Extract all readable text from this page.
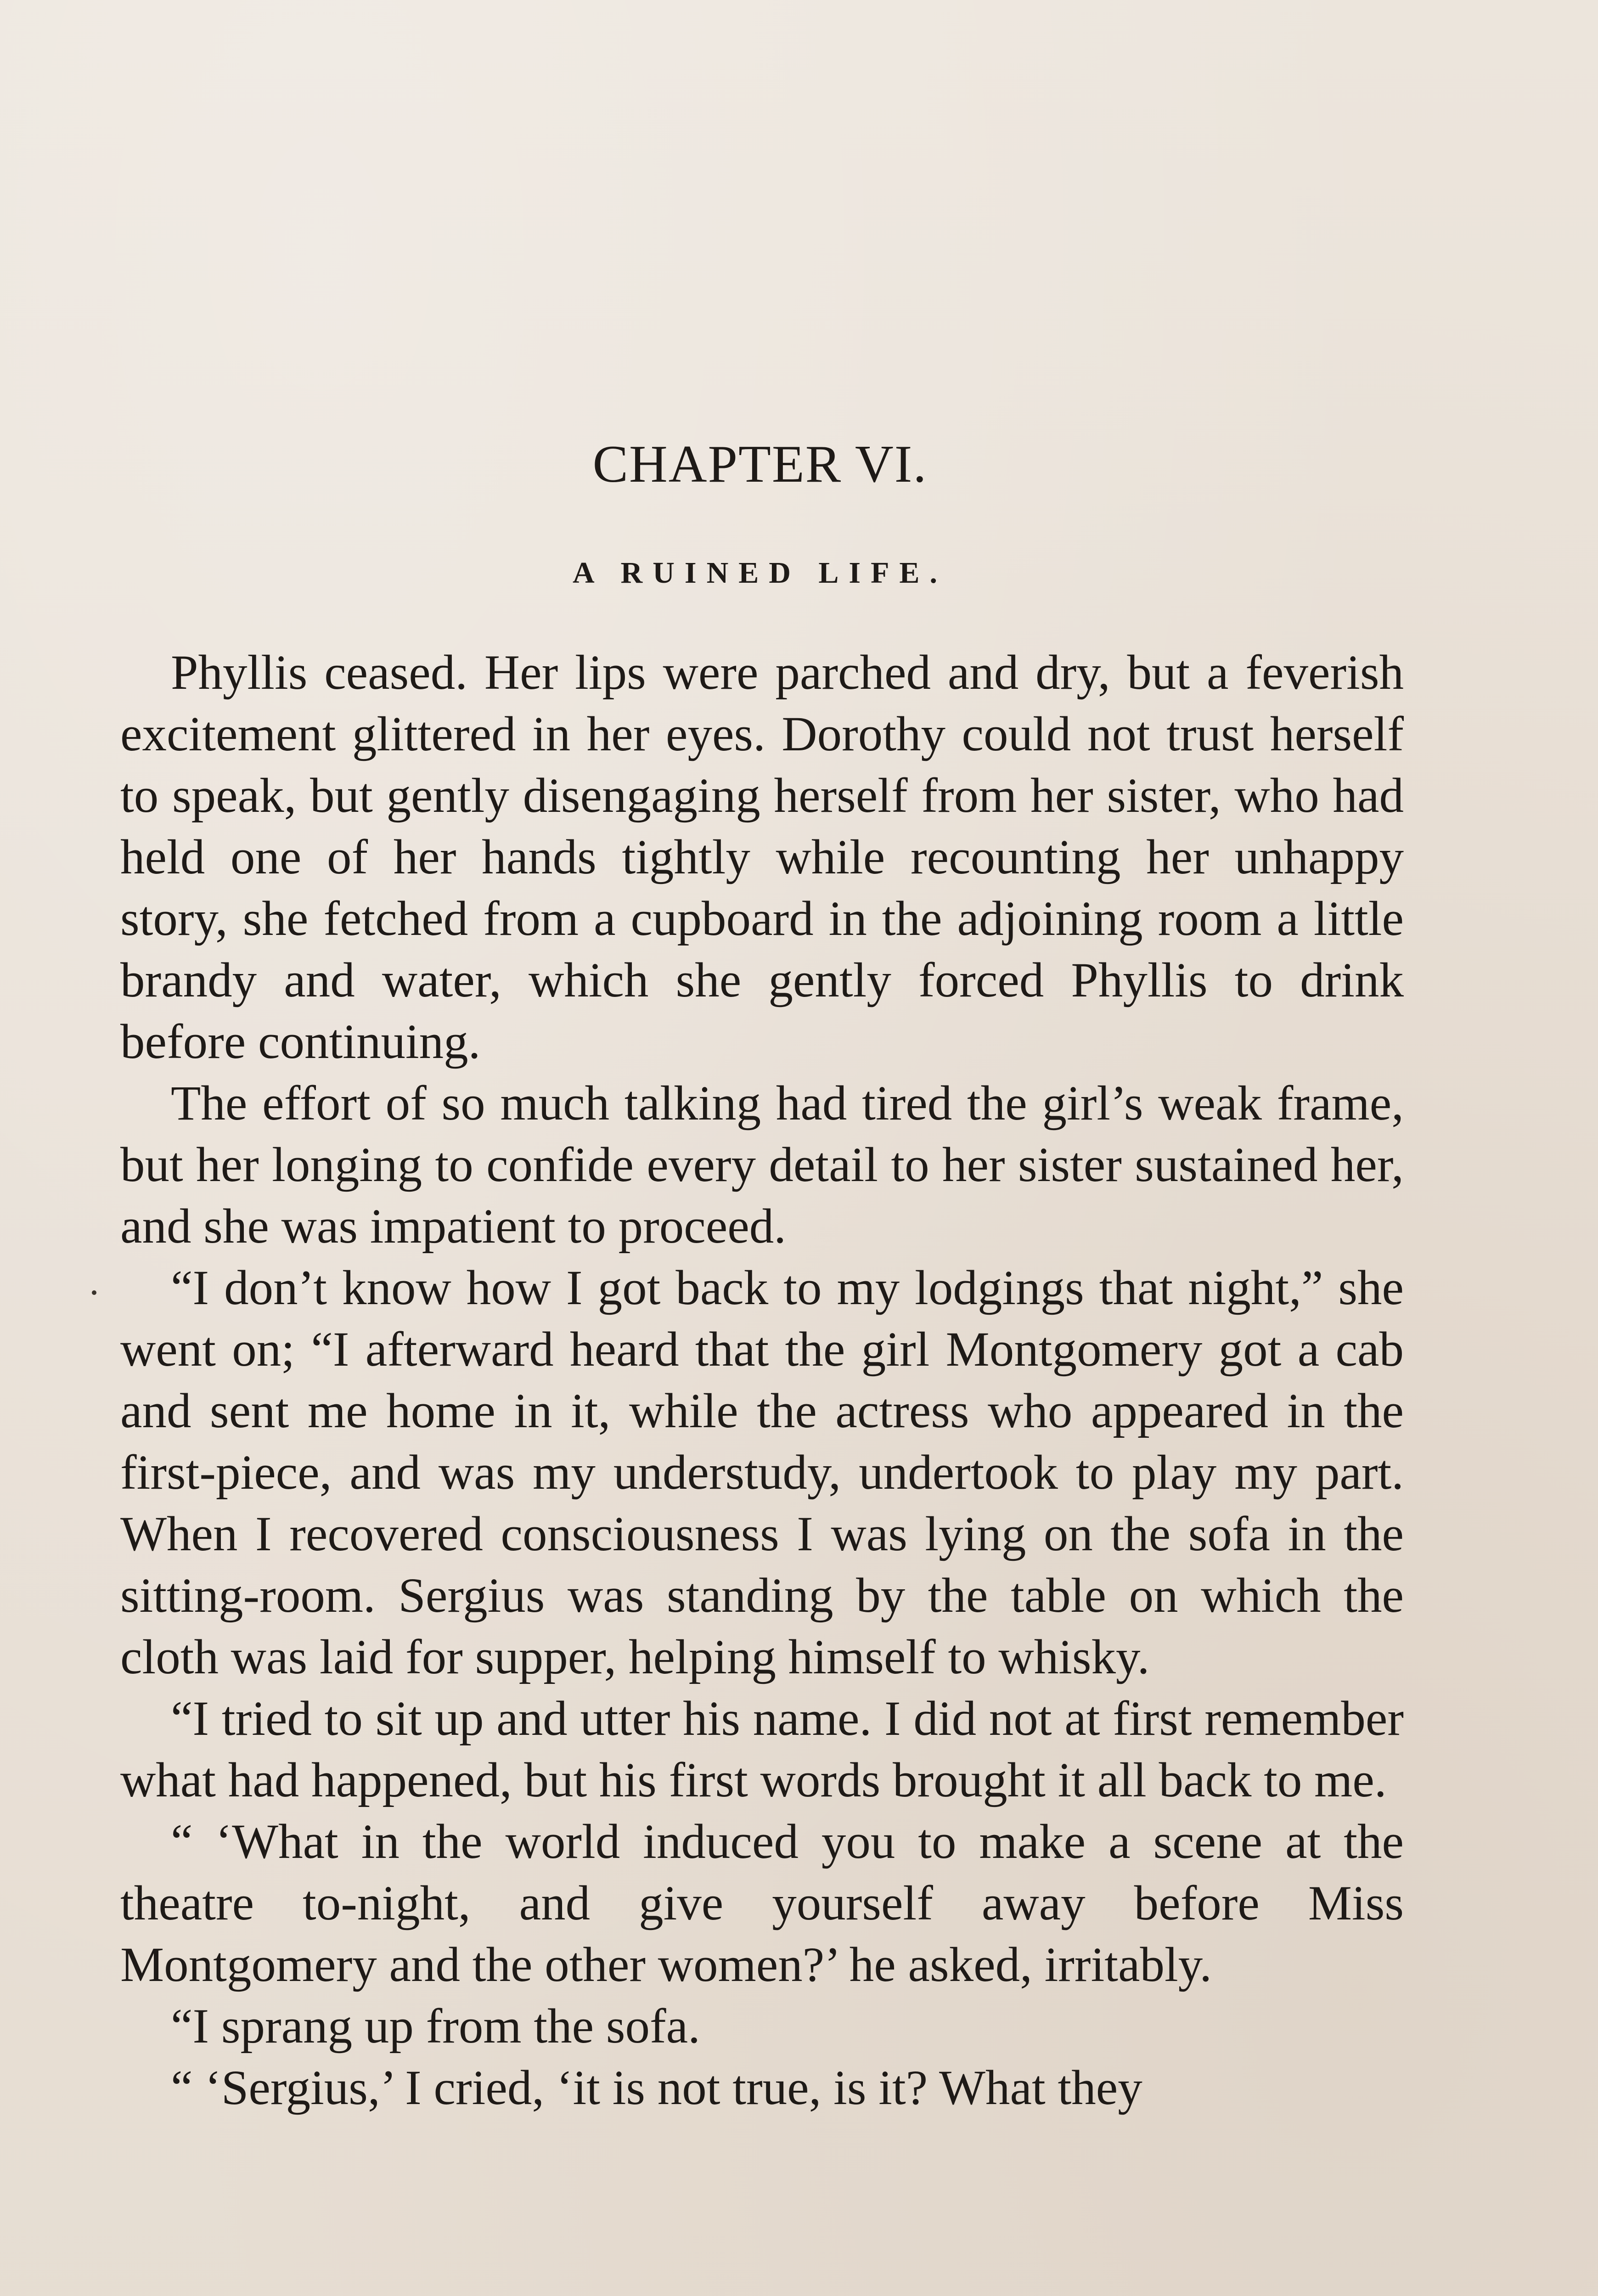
CHAPTER VI.
A RUINED LIFE.

Phyllis ceased. Her lips were parched and dry, but a feverish excitement glittered in her eyes. Dorothy could not trust herself to speak, but gently disengaging herself from her sister, who had held one of her hands tightly while recounting her unhappy story, she fetched from a cupboard in the adjoining room a little brandy and water, which she gently forced Phyllis to drink before continuing.

The effort of so much talking had tired the girl’s weak frame, but her longing to confide every detail to her sister sustained her, and she was impatient to proceed.

“I don’t know how I got back to my lodgings that night,” she went on; “I afterward heard that the girl Montgomery got a cab and sent me home in it, while the actress who appeared in the first-piece, and was my understudy, undertook to play my part. When I recovered consciousness I was lying on the sofa in the sitting-room. Sergius was standing by the table on which the cloth was laid for supper, helping himself to whisky.

“I tried to sit up and utter his name. I did not at first remember what had happened, but his first words brought it all back to me.

“ ‘What in the world induced you to make a scene at the theatre to-night, and give yourself away before Miss Montgomery and the other women?’ he asked, irritably.

“I sprang up from the sofa.

“ ‘Sergius,’ I cried, ‘it is not true, is it? What they
